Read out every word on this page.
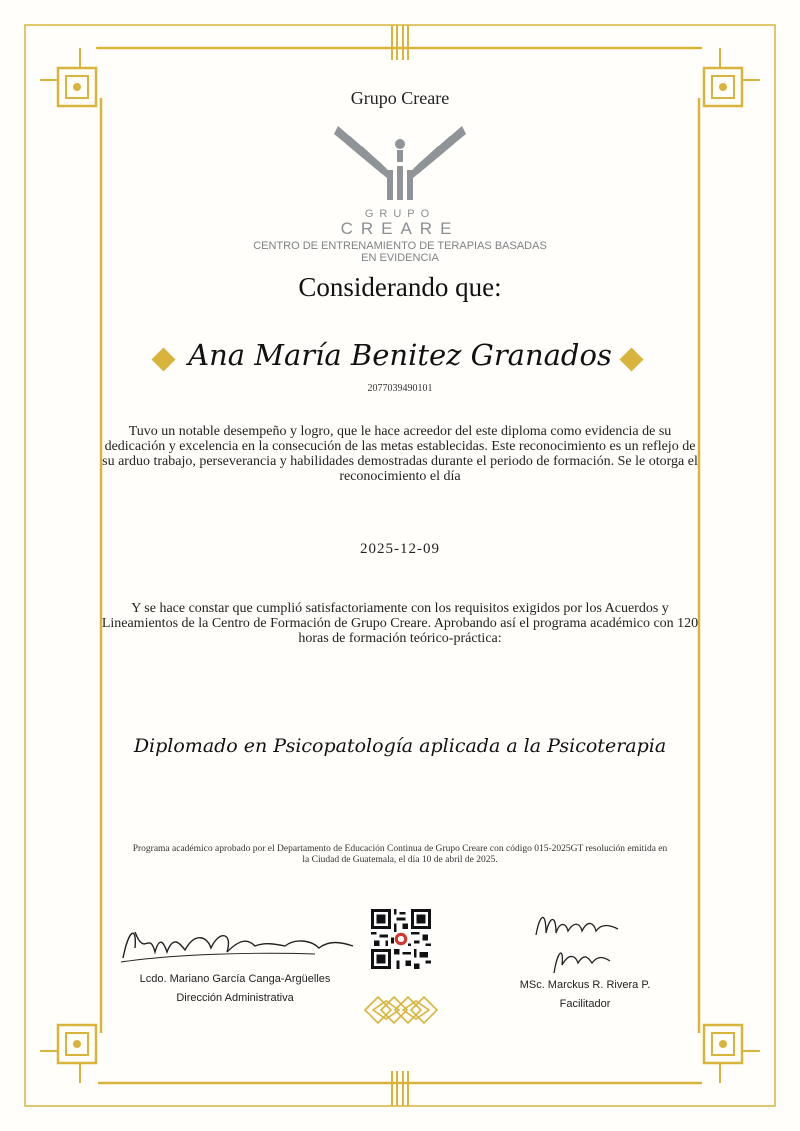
Grupo Creare
GRUPO
CREARE
CENTRO DE ENTRENAMIENTO DE TERAPIAS BASADAS
EN EVIDENCIA
Considerando que:
Ana María Benitez Granados
2077039490101
Tuvo un notable desempeño y logro, que le hace acreedor del este diploma como evidencia de su dedicación y excelencia en la consecución de las metas establecidas. Este reconocimiento es un reflejo de su arduo trabajo, perseverancia y habilidades demostradas durante el periodo de formación. Se le otorga el reconocimiento el día
2025-12-09
Y se hace constar que cumplió satisfactoriamente con los requisitos exigidos por los Acuerdos y Lineamientos de la Centro de Formación de Grupo Creare. Aprobando así el programa académico con 120 horas de formación teórico-práctica:
Diplomado en Psicopatología aplicada a la Psicoterapia
Programa académico aprobado por el Departamento de Educación Continua de Grupo Creare con código 015-2025GT resolución emitida en la Ciudad de Guatemala, el día 10 de abril de 2025.
Lcdo. Mariano García Canga-Argüelles
Dirección Administrativa
MSc. Marckus R. Rivera P.
Facilitador
